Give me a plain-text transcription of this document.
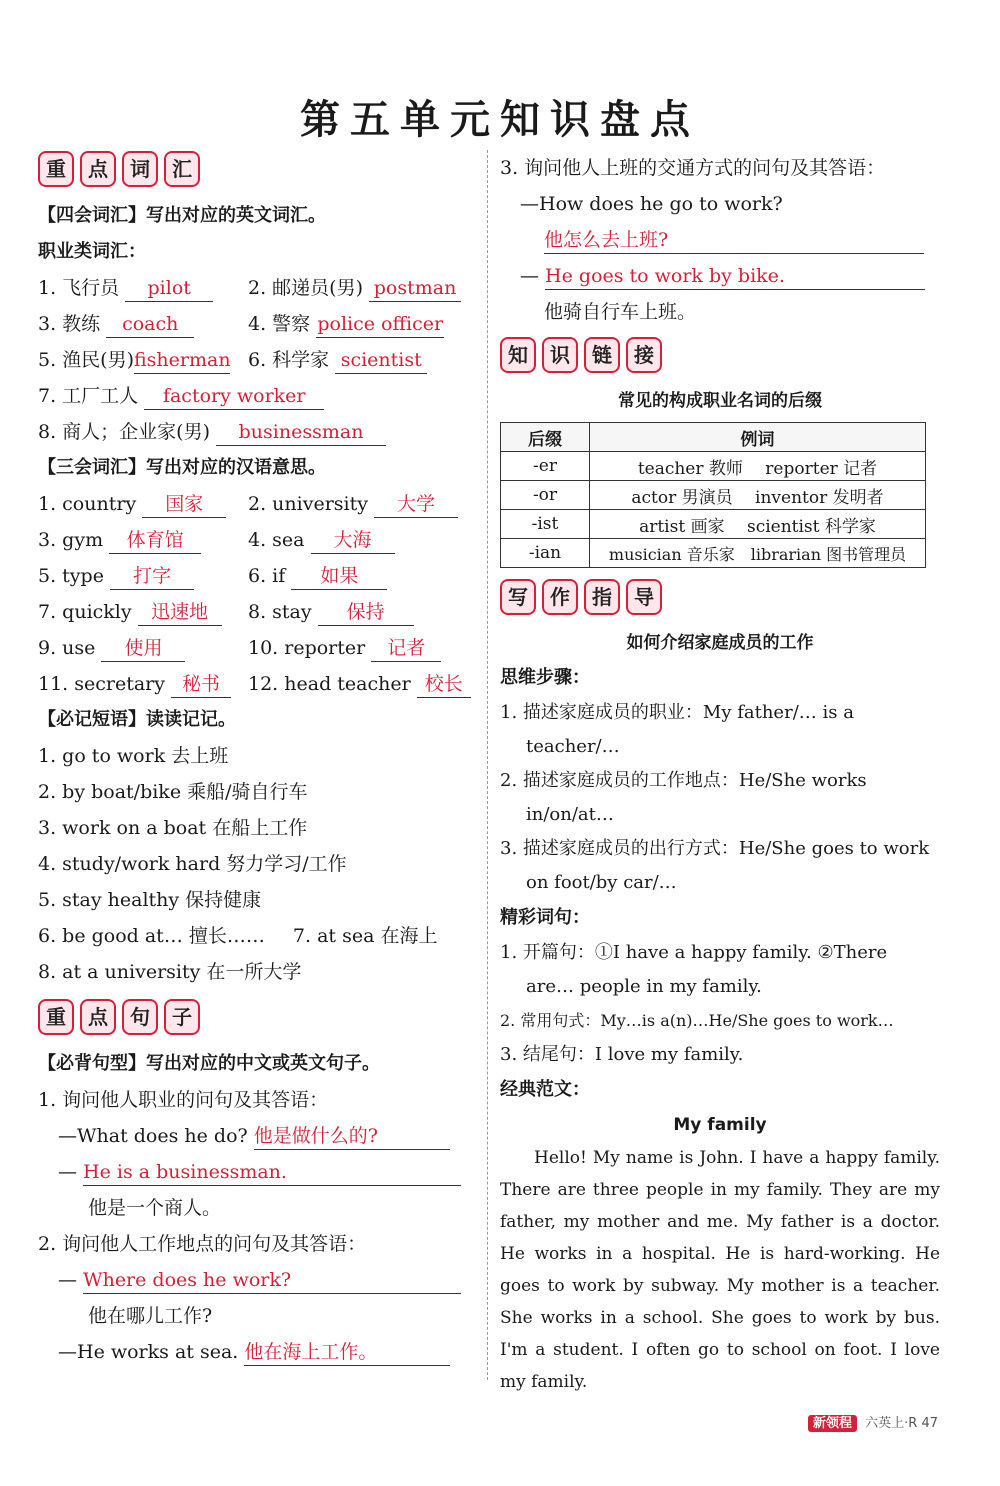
第五单元知识盘点
重	点	词	汇
【四会词汇】写出对应的英文词汇。
职业类词汇：
1. 飞行员 pilot	2. 邮递员(男) postman
3. 教练 coach	4. 警察 police officer
5. 渔民(男)fisherman 6. 科学家 scientist
7. 工厂工人 factory worker
8. 商人；企业家(男) businessman
【三会词汇】写出对应的汉语意思。
1. country 国家	2. university 大学
3. gym 体育馆	4. sea 大海
5. type 打字	6. if 如果
7. quickly 迅速地	8. stay 保持
9. use 使用	10. reporter 记者
11. secretary 秘书	12. head teacher 校长
【必记短语】读读记记。
1. go to work 去上班
2. by boat/bike 乘船/骑自行车
3. work on a boat 在船上工作
4. study/work hard 努力学习/工作
5. stay healthy 保持健康
6. be good at… 擅长…… 7. at sea 在海上
8. at a university 在一所大学
重	点	句	子
【必背句型】写出对应的中文或英文句子。
1. 询问他人职业的问句及其答语：
—What does he do? 他是做什么的?
— He is a businessman.
他是一个商人。
2. 询问他人工作地点的问句及其答语：
— Where does he work?
他在哪儿工作?
—He works at sea. 他在海上工作。
3. 询问他人上班的交通方式的问句及其答语：
—How does he go to work?
他怎么去上班?
— He goes to work by bike.
他骑自行车上班。
知	识	链	接
常见的构成职业名词的后缀
后缀	例词
-er	teacher 教师　 reporter 记者
-or	actor 男演员　 inventor 发明者
-ist	artist 画家　 scientist 科学家
-ian	musician 音乐家　librarian 图书管理员
写	作	指	导
如何介绍家庭成员的工作
思维步骤：
1. 描述家庭成员的职业：My father/… is a teacher/…
2. 描述家庭成员的工作地点：He/She works in/on/at…
3. 描述家庭成员的出行方式：He/She goes to work on foot/by car/…
精彩词句：
1. 开篇句：①I have a happy family. ②There are… people in my family.
2. 常用句式：My…is a(n)…He/She goes to work…
3. 结尾句：I love my family.
经典范文：
My family
Hello! My name is John. I have a happy family. There are three people in my family. They are my father, my mother and me. My father is a doctor. He works in a hospital. He is hard-working. He goes to work by subway. My mother is a teacher. She works in a school. She goes to work by bus. I'm a student. I often go to school on foot. I love my family.
新领程 六英上·R 47
